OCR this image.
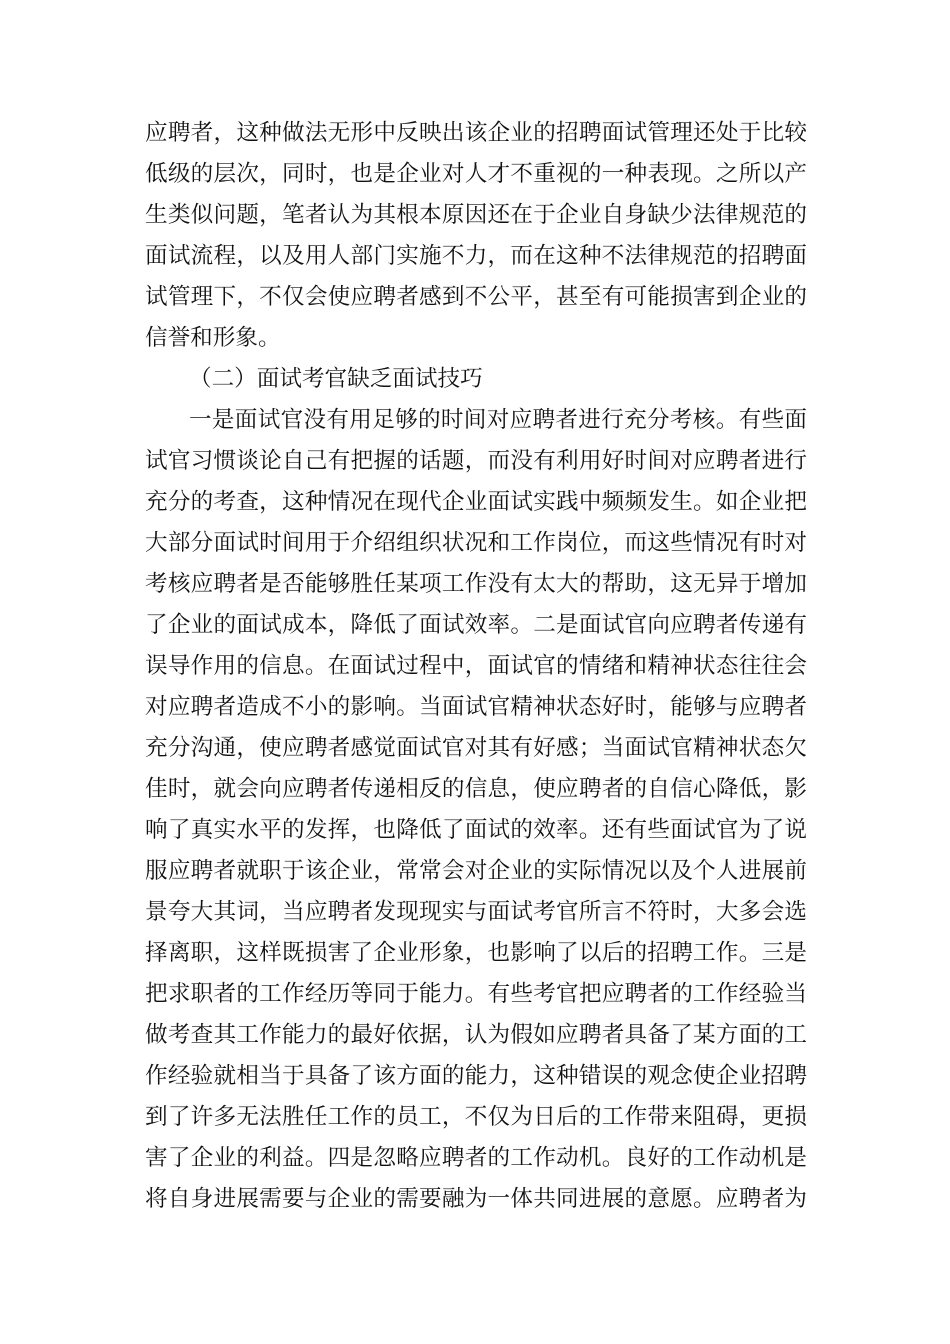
应聘者，这种做法无形中反映出该企业的招聘面试管理还处于比较
低级的层次，同时，也是企业对人才不重视的一种表现。之所以产
生类似问题，笔者认为其根本原因还在于企业自身缺少法律规范的
面试流程，以及用人部门实施不力，而在这种不法律规范的招聘面
试管理下，不仅会使应聘者感到不公平，甚至有可能损害到企业的
信誉和形象。
（二）面试考官缺乏面试技巧
一是面试官没有用足够的时间对应聘者进行充分考核。有些面
试官习惯谈论自己有把握的话题，而没有利用好时间对应聘者进行
充分的考查，这种情况在现代企业面试实践中频频发生。如企业把
大部分面试时间用于介绍组织状况和工作岗位，而这些情况有时对
考核应聘者是否能够胜任某项工作没有太大的帮助，这无异于增加
了企业的面试成本，降低了面试效率。二是面试官向应聘者传递有
误导作用的信息。在面试过程中，面试官的情绪和精神状态往往会
对应聘者造成不小的影响。当面试官精神状态好时，能够与应聘者
充分沟通，使应聘者感觉面试官对其有好感；当面试官精神状态欠
佳时，就会向应聘者传递相反的信息，使应聘者的自信心降低，影
响了真实水平的发挥，也降低了面试的效率。还有些面试官为了说
服应聘者就职于该企业，常常会对企业的实际情况以及个人进展前
景夸大其词，当应聘者发现现实与面试考官所言不符时，大多会选
择离职，这样既损害了企业形象，也影响了以后的招聘工作。三是
把求职者的工作经历等同于能力。有些考官把应聘者的工作经验当
做考查其工作能力的最好依据，认为假如应聘者具备了某方面的工
作经验就相当于具备了该方面的能力，这种错误的观念使企业招聘
到了许多无法胜任工作的员工，不仅为日后的工作带来阻碍，更损
害了企业的利益。四是忽略应聘者的工作动机。良好的工作动机是
将自身进展需要与企业的需要融为一体共同进展的意愿。应聘者为
